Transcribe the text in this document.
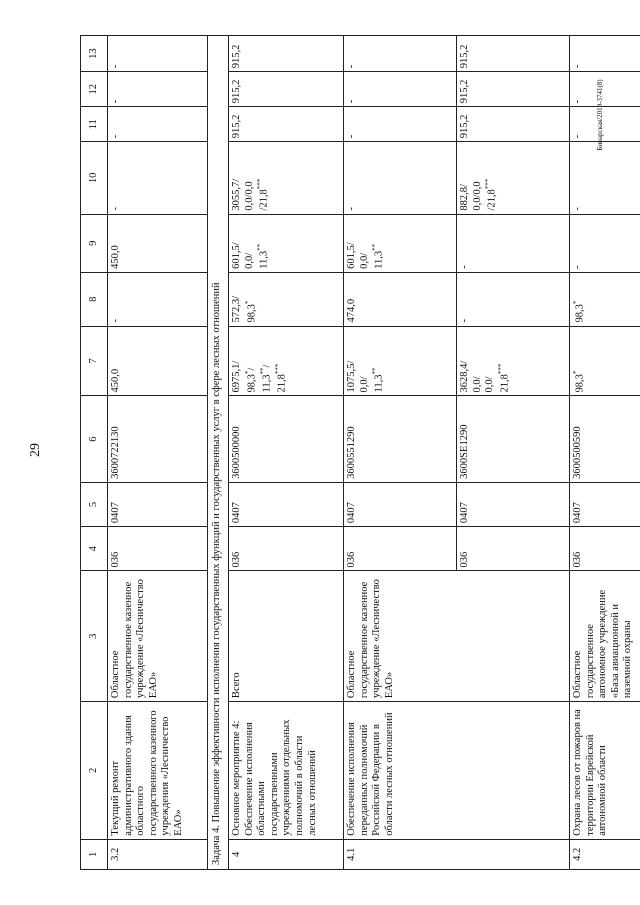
29
Бинарская/2019-3741(8)
1	2	3	4	5	6	7	8	9	10	11	12	13
3.2	Текущий ремонт административного здания областного государственного казенного учреждения «Лесничество ЕАО»	Областное государственное казенное учреждение «Лесничество ЕАО»	036	0407	3600722130	450,0	-	450,0	-	-	-	-
Задача 4. Повышение эффективности исполнения государственных функций и государственных услуг в сфере лесных отношений												
4	Основное мероприятие 4: Обеспечение исполнения областными государственными учреждениями отдельных полномочий в области лесных отношений	Всего	036	0407	3600500000	6975,1/ 98,3*/
11,3**/
21,8***	572,3/ 98,3*	601,5/ 0,0/ 11,3**	3055,7/ 0,0/0,0 /21,8***	915,2	915,2	915,2
4.1	Обеспечение исполнения переданных полномочий Российской Федерации в области лесных отношений	Областное государственное казенное учреждение «Лесничество ЕАО»	036	0407	3600551290	1075,5/ 0,0/ 11,3**	474,0	601,5/ 0,0/ 11,3**	-	-	-	-
			036	0407	3600SE1290	3628,4/ 0,0/ 0,0/ 21,8***	-	-	882,8/ 0,0/0,0 /21,8***	915,2	915,2	915,2
4.2	Охрана лесов от пожаров на территории Еврейской автономной области	Областное государственное автономное учреждение «База авиационной и наземной охраны	036	0407	3600500590	98,3*	98,3*	-	-	-	-	-
